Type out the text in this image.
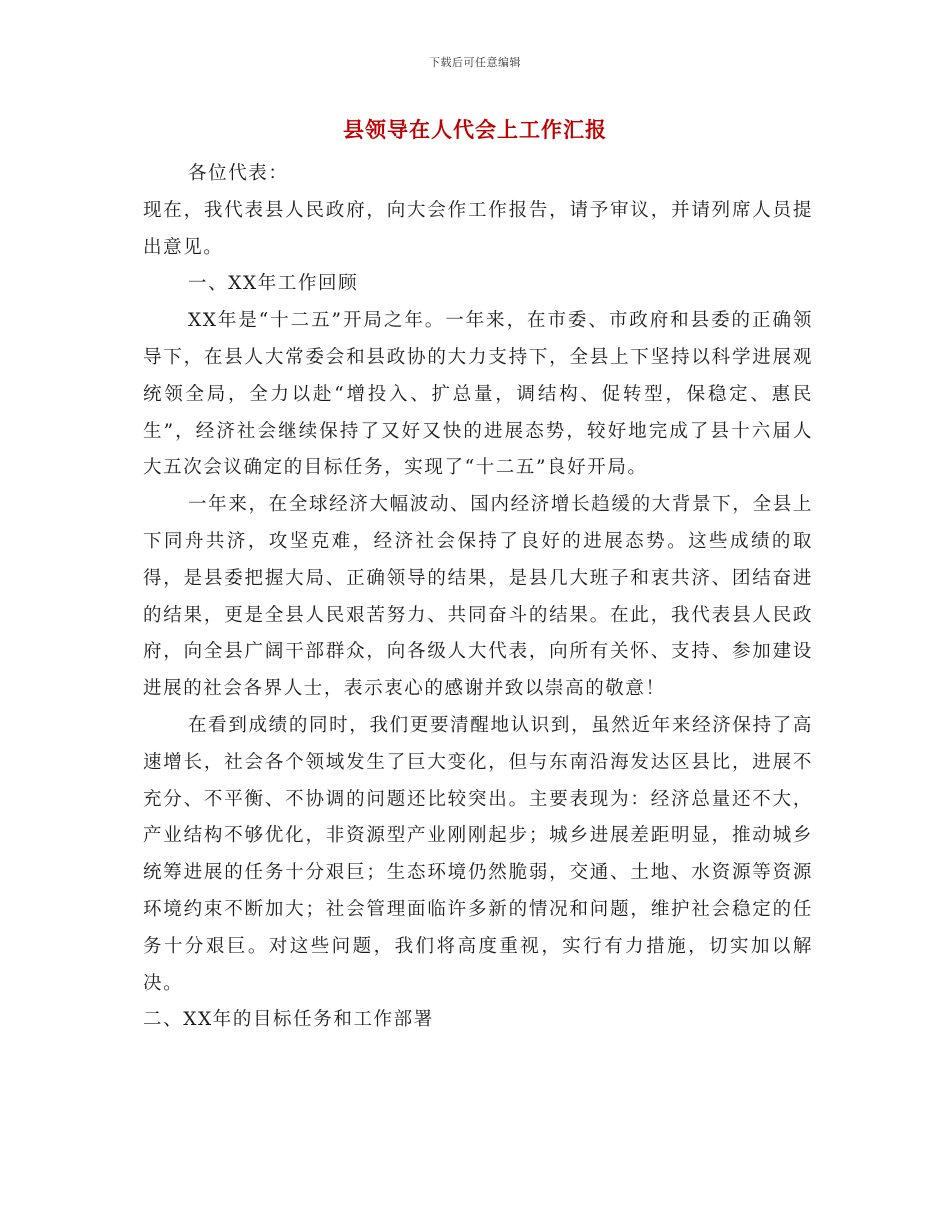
下载后可任意编辑
县领导在人代会上工作汇报

各位代表：

现在，我代表县人民政府，向大会作工作报告，请予审议，并请列席人员提出意见。

一、XX年工作回顾

XX年是“十二五”开局之年。一年来，在市委、市政府和县委的正确领导下，在县人大常委会和县政协的大力支持下，全县上下坚持以科学进展观统领全局，全力以赴“增投入、扩总量，调结构、促转型，保稳定、惠民生”，经济社会继续保持了又好又快的进展态势，较好地完成了县十六届人大五次会议确定的目标任务，实现了“十二五”良好开局。

一年来，在全球经济大幅波动、国内经济增长趋缓的大背景下，全县上下同舟共济，攻坚克难，经济社会保持了良好的进展态势。这些成绩的取得，是县委把握大局、正确领导的结果，是县几大班子和衷共济、团结奋进的结果，更是全县人民艰苦努力、共同奋斗的结果。在此，我代表县人民政府，向全县广阔干部群众，向各级人大代表，向所有关怀、支持、参加建设进展的社会各界人士，表示衷心的感谢并致以崇高的敬意！

在看到成绩的同时，我们更要清醒地认识到，虽然近年来经济保持了高速增长，社会各个领域发生了巨大变化，但与东南沿海发达区县比，进展不充分、不平衡、不协调的问题还比较突出。主要表现为：经济总量还不大，产业结构不够优化，非资源型产业刚刚起步；城乡进展差距明显，推动城乡统筹进展的任务十分艰巨；生态环境仍然脆弱，交通、土地、水资源等资源环境约束不断加大；社会管理面临许多新的情况和问题，维护社会稳定的任务十分艰巨。对这些问题，我们将高度重视，实行有力措施，切实加以解决。

二、XX年的目标任务和工作部署
